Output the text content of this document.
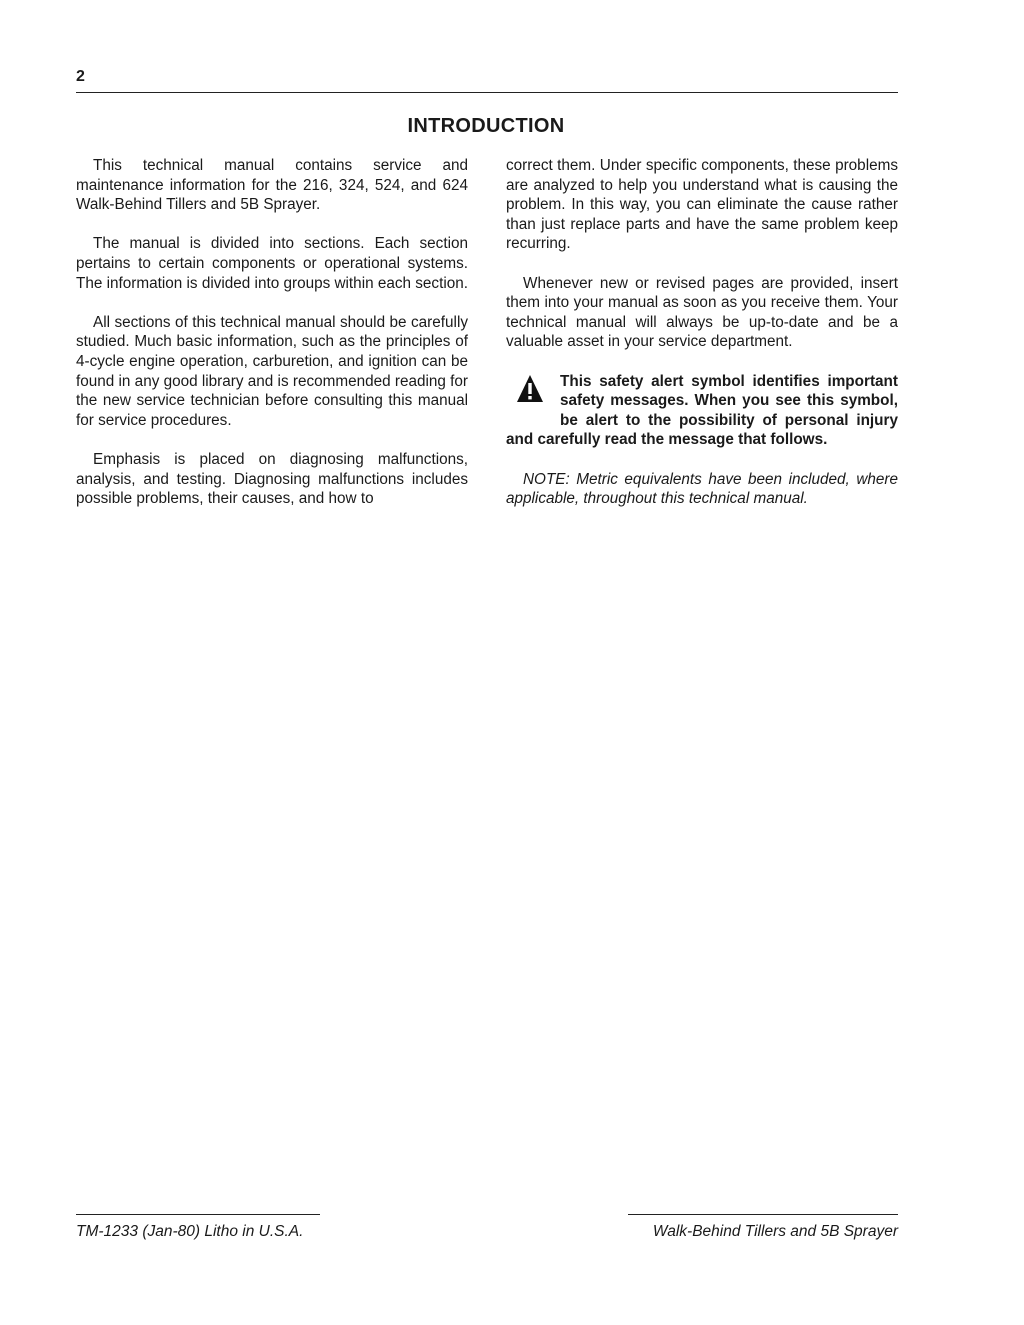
2
INTRODUCTION

This technical manual contains service and maintenance information for the 216, 324, 524, and 624 Walk-Behind Tillers and 5B Sprayer.

The manual is divided into sections. Each section pertains to certain components or operational systems. The information is divided into groups within each section.

All sections of this technical manual should be carefully studied. Much basic information, such as the principles of 4-cycle engine operation, carburetion, and ignition can be found in any good library and is recommended reading for the new service technician before consulting this manual for service procedures.

Emphasis is placed on diagnosing malfunctions, analysis, and testing. Diagnosing malfunctions includes possible problems, their causes, and how to

correct them. Under specific components, these problems are analyzed to help you understand what is causing the problem. In this way, you can eliminate the cause rather than just replace parts and have the same problem keep recurring.

Whenever new or revised pages are provided, insert them into your manual as soon as you receive them. Your technical manual will always be up-to-date and be a valuable asset in your service department.

This safety alert symbol identifies important safety messages. When you see this symbol, be alert to the possibility of personal injury and carefully read the message that follows.

NOTE: Metric equivalents have been included, where applicable, throughout this technical manual.

TM-1233 (Jan-80) Litho in U.S.A.	Walk-Behind Tillers and 5B Sprayer
